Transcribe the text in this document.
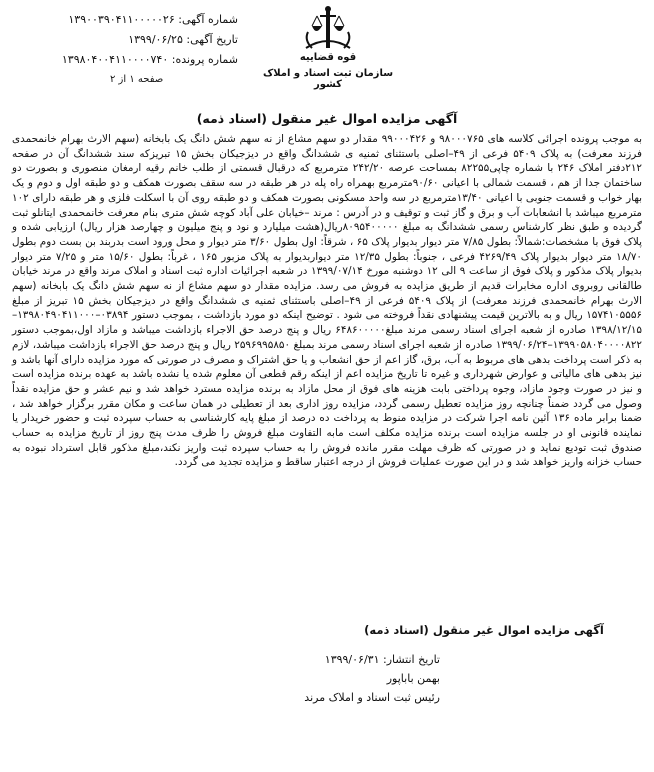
شماره آگهی: ۱۳۹۰۰۳۹۰۴۱۱۰۰۰۰۰۲۶
تاریخ آگهی: ۱۳۹۹/۰۶/۲۵
شماره پرونده: ۱۳۹۸۰۴۰۰۴۱۱۰۰۰۰۷۴۰	قوه قضاییه
سازمان ثبت اسناد و املاک کشور
صفحه ۱ از ۲
آگهی مزایده اموال غیر منقول (اسناد ذمه)
به موجب پرونده اجرائی کلاسه های ۹۸۰۰۰۷۶۵ و ۹۹۰۰۰۴۲۶ مقدار دو سهم مشاع از نه سهم شش دانگ یک بابخانه (سهم الارث بهرام خانمحمدی فرزند معرفت) به پلاک ۵۴۰۹ فرعی از ۴۹–اصلی باستثنای ثمنیه ی ششدانگ واقع در دیزجیکان بخش ۱۵ تبریزکه سند ششدانگ آن در صفحه ۲۱۲دفتر املاک ۲۴۶ با شماره چاپی۸۲۲۵۵ بمساحت عرصه ۲۴۲/۲۰ مترمربع که درقبال قسمتی از طلب خانم رقیه ارمغان منصوری و بصورت دو ساختمان جدا از هم ، قسمت شمالی با اعیانی ۹۰/۶۰مترمربع بهمراه راه پله در هر طبقه در سه سقف بصورت همکف و دو طبقه اول و دوم و یک بهار خواب و قسمت جنوبی با اعیانی ۱۳/۴۰مترمربع در سه واحد مسکونی بصورت همکف و دو طبقه روی آن با اسکلت فلزی و هر طبقه دارای ۱۰۲ مترمربع میباشد با انشعابات آب و برق و گاز ثبت و توقیف و در آدرس : مرند –خیابان علی آباد کوچه شش متری بنام معرفت خانمحمدی ایتانلو ثبت گردیده و طبق نظر کارشناس رسمی ششدانگ به مبلغ ۸۰۹۵۴۰۰۰۰۰ریال(هشت میلیارد و نود و پنج میلیون و چهارصد هزار ریال) ارزیابی شده و پلاک فوق با مشخصات:شمالاً: بطول ۷/۸۵ متر دیوار بدیوار پلاک ۶۵ ، شرقاً: اول بطول ۳/۶۰ متر دیوار و محل ورود است بدربند بن بست دوم بطول ۱۸/۷۰ متر دیوار بدیوار پلاک ۴۲۶۹/۴۹ فرعی ، جنوباً: بطول ۱۲/۳۵ متر دیواربدیوار به پلاک مزبور ۱۶۵ ، غرباً: بطول ۱۵/۶۰ متر و ۷/۲۵ متر دیوار بدیوار پلاک مذکور و پلاک فوق از ساعت ۹ الی ۱۲ دوشنبه مورخ ۱۳۹۹/۰۷/۱۴ در شعبه اجرائیات اداره ثبت اسناد و املاک مرند واقع در مرند خیابان طالقانی روبروی اداره مخابرات قدیم از طریق مزایده به فروش می رسد. مزایده مقدار دو سهم مشاع از نه سهم شش دانگ یک بابخانه (سهم الارث بهرام خانمحمدی فرزند معرفت) از پلاک ۵۴۰۹ فرعی از ۴۹–اصلی باستثنای ثمنیه ی ششدانگ واقع در دیزجیکان بخش ۱۵ تبریز از مبلغ ۱۵۷۴۱۰۵۵۵۶ ریال و به بالاترین قیمت پیشنهادی نقداً فروخته می شود . توضیح اینکه دو مورد بازداشت ، بموجب دستور ۰۳۸۹۴–۱۳۹۸۰۴۹۰۴۱۱۰۰۰–۱۳۹۸/۱۲/۱۵ صادره از شعبه اجرای اسناد رسمی مرند مبلغ۶۴۸۶۰۰۰۰۰ ریال و پنج درصد حق الاجراء بازداشت میباشد و مازاد اول،بموجب دستور ۱۳۹۹۰۵۸۰۴۰۰۰۰۸۲۲–۱۳۹۹/۰۶/۲۴ صادره از شعبه اجرای اسناد رسمی مرند بمبلغ ۲۵۹۶۹۹۵۸۵۰ ریال و پنج درصد حق الاجراء بازداشت میباشد، لازم به ذکر است پرداخت بدهی های مربوط به آب، برق، گاز اعم از حق انشعاب و یا حق اشتراک و مصرف در صورتی که مورد مزایده دارای آنها باشد و نیز بدهی های مالیاتی و عوارض شهرداری و غیره تا تاریخ مزایده اعم از اینکه رقم قطعی آن معلوم شده یا نشده باشد به عهده برنده مزایده است و نیز در صورت وجود مازاد، وجوه پرداختی بابت هزینه های فوق از محل مازاد به برنده مزایده مسترد خواهد شد و نیم عشر و حق مزایده نقداً وصول می گردد ضمناً چنانچه روز مزایده تعطیل رسمی گردد، مزایده روز اداری بعد از تعطیلی در همان ساعت و مکان مقرر برگزار خواهد شد ، ضمنا برابر ماده ۱۳۶ آئین نامه اجرا شرکت در مزایده منوط به پرداخت ده درصد از مبلغ پایه کارشناسی به حساب سپرده ثبت و حضور خریدار یا نماینده قانونی او در جلسه مزایده است برنده مزایده مکلف است مابه التفاوت مبلغ فروش را ظرف مدت پنج روز از تاریخ مزایده به حساب صندوق ثبت تودیع نماید و در صورتی که ظرف مهلت مقرر مانده فروش را به حساب سپرده ثبت واریز نکند،مبلغ مذکور قابل استرداد نبوده به حساب خزانه واریز خواهد شد و در این صورت عملیات فروش از درجه اعتبار ساقط و مزایده تجدید می گردد.
آگهی مزایده اموال غیر منقول (اسناد ذمه)
تاریخ انتشار: ۱۳۹۹/۰۶/۳۱
بهمن باباپور
رئیس ثبت اسناد و املاک مرند
